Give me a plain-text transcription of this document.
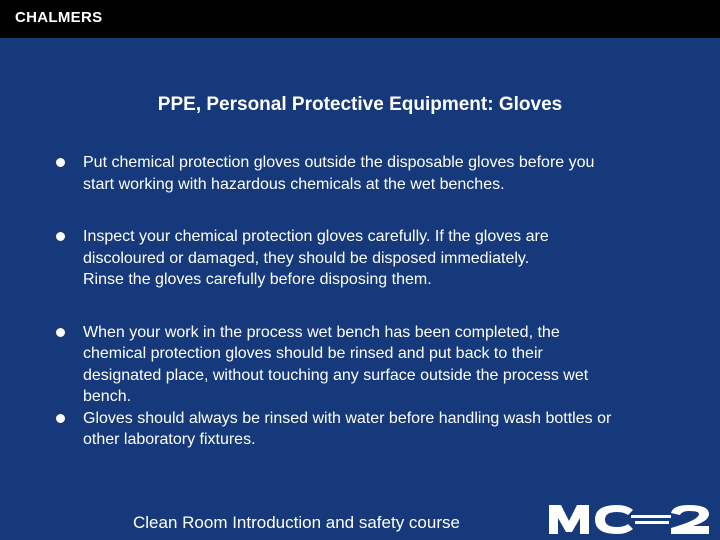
CHALMERS
PPE, Personal Protective Equipment: Gloves
Put chemical protection gloves outside the disposable gloves before you
start working with hazardous chemicals at the wet benches.
Inspect your chemical protection gloves carefully. If the gloves are
discoloured or damaged, they should be disposed immediately.
Rinse the gloves carefully before disposing them.
When your work in the process wet bench has been completed, the
chemical protection gloves should be rinsed and put back to their
designated place, without touching any surface outside the process wet
bench.
Gloves should always be rinsed with water before handling wash bottles or
other laboratory fixtures.
Clean Room Introduction and safety course
